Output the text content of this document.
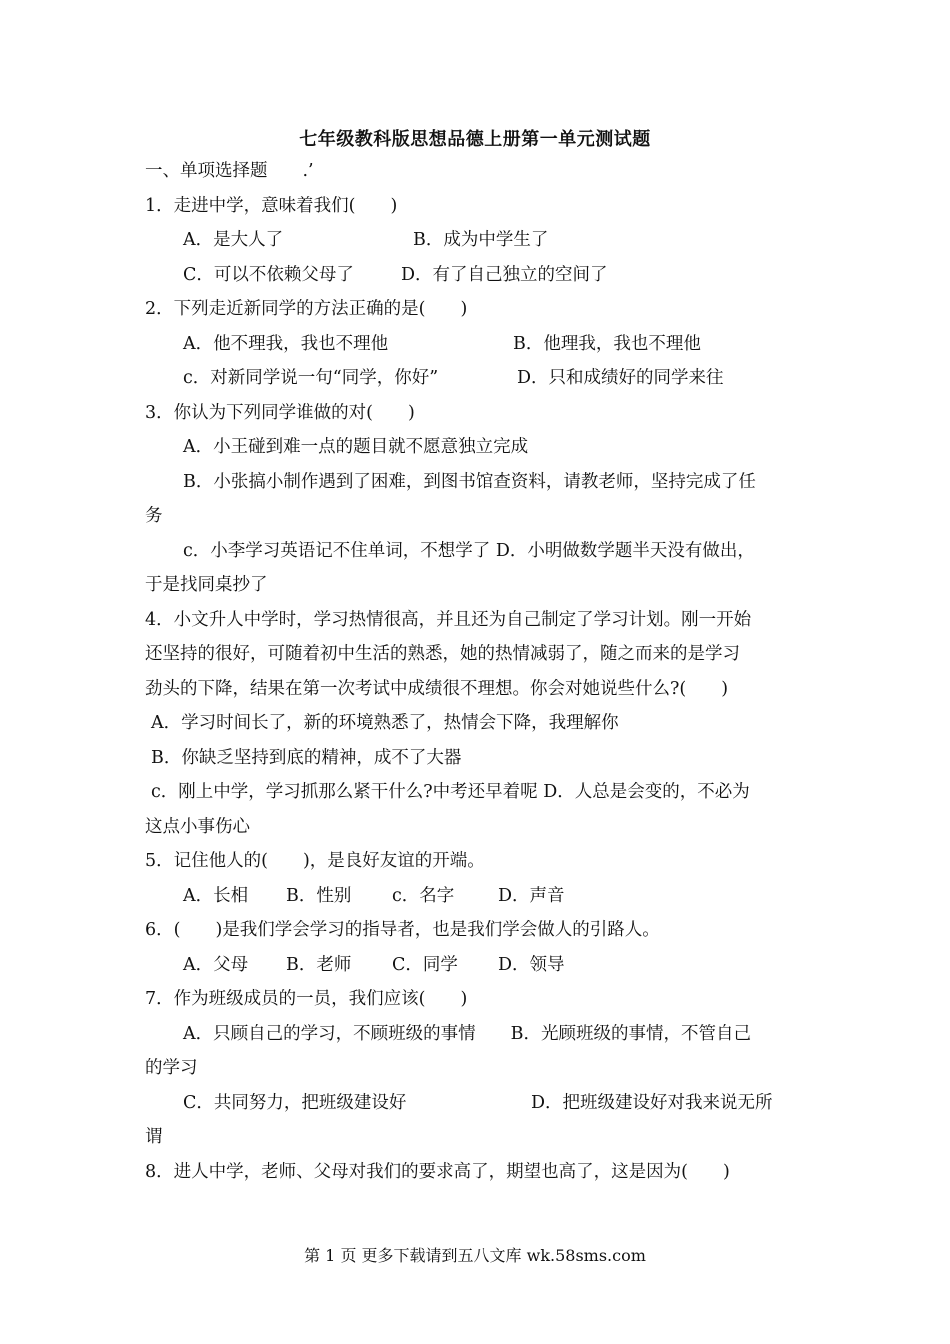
七年级教科版思想品德上册第一单元测试题
一、单项选择题　　.’
1．走进中学，意味着我们(　　)
A．是大人了	B．成为中学生了
C．可以不依赖父母了	D．有了自己独立的空间了
2．下列走近新同学的方法正确的是(　　)
A．他不理我，我也不理他	B．他理我，我也不理他
c．对新同学说一句“同学，你好”	D．只和成绩好的同学来往
3．你认为下列同学谁做的对(　　)
A．小王碰到难一点的题目就不愿意独立完成
B．小张搞小制作遇到了困难，到图书馆查资料，请教老师，坚持完成了任
务
c．小李学习英语记不住单词，不想学了 D．小明做数学题半天没有做出，
于是找同桌抄了
4．小文升人中学时，学习热情很高，并且还为自己制定了学习计划。刚一开始
还坚持的很好，可随着初中生活的熟悉，她的热情减弱了，随之而来的是学习
劲头的下降，结果在第一次考试中成绩很不理想。你会对她说些什么?(　　)
A．学习时间长了，新的环境熟悉了，热情会下降，我理解你
B．你缺乏坚持到底的精神，成不了大器
c．刚上中学，学习抓那么紧干什么?中考还早着呢 D．人总是会变的，不必为
这点小事伤心
5．记住他人的(　　)，是良好友谊的开端。
A．长相 B．性别 c．名字 D．声音
6．(　　)是我们学会学习的指导者，也是我们学会做人的引路人。
A．父母 B．老师 C．同学 D．领导
7．作为班级成员的一员，我们应该(　　)
A．只顾自己的学习，不顾班级的事情　　B．光顾班级的事情，不管自己
的学习
C．共同努力，把班级建设好	D．把班级建设好对我来说无所
谓
8．进人中学，老师、父母对我们的要求高了，期望也高了，这是因为(　　)
第 1 页 更多下载请到五八文库 wk.58sms.com
